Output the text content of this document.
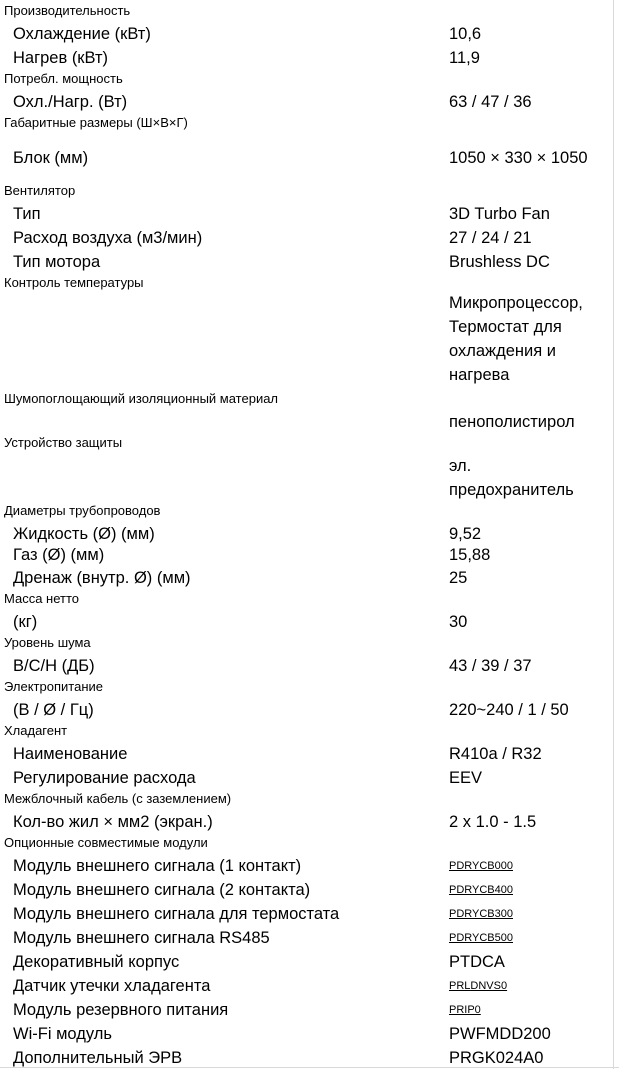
Производительность
Охлаждение (кВт)	10,6
Нагрев (кВт)	11,9
Потребл. мощность
Охл./Нагр. (Вт)	63 / 47 / 36
Габаритные размеры (Ш×В×Г)
Блок (мм)	1050 × 330 × 1050
Вентилятор
Тип	3D Turbo Fan
Расход воздуха (м3/мин)	27 / 24 / 21
Тип мотора	Brushless DC
Контроль температуры
Микропроцессор, Термостат для охлаждения и нагрева
Шумопоглощающий изоляционный материал
пенополистирол
Устройство защиты
эл. предохранитель
Диаметры трубопроводов
Жидкость (Ø) (мм)	9,52
Газ (Ø) (мм)	15,88
Дренаж (внутр. Ø) (мм)	25
Масса нетто
(кг)	30
Уровень шума
В/С/Н (ДБ)	43 / 39 / 37
Электропитание
(В / Ø / Гц)	220~240 / 1 / 50
Хладагент
Наименование	R410a / R32
Регулирование расхода	EEV
Межблочный кабель (с заземлением)
Кол-во жил × мм2 (экран.)	2 x 1.0 - 1.5
Опционные совместимые модули
Модуль внешнего сигнала (1 контакт)	PDRYCB000
Модуль внешнего сигнала (2 контакта)	PDRYCB400
Модуль внешнего сигнала для термостата	PDRYCB300
Модуль внешнего сигнала RS485	PDRYCB500
Декоративный корпус	PTDCA
Датчик утечки хладагента	PRLDNVS0
Модуль резервного питания	PRIP0
Wi-Fi модуль	PWFMDD200
Дополнительный ЭРВ	PRGK024A0
